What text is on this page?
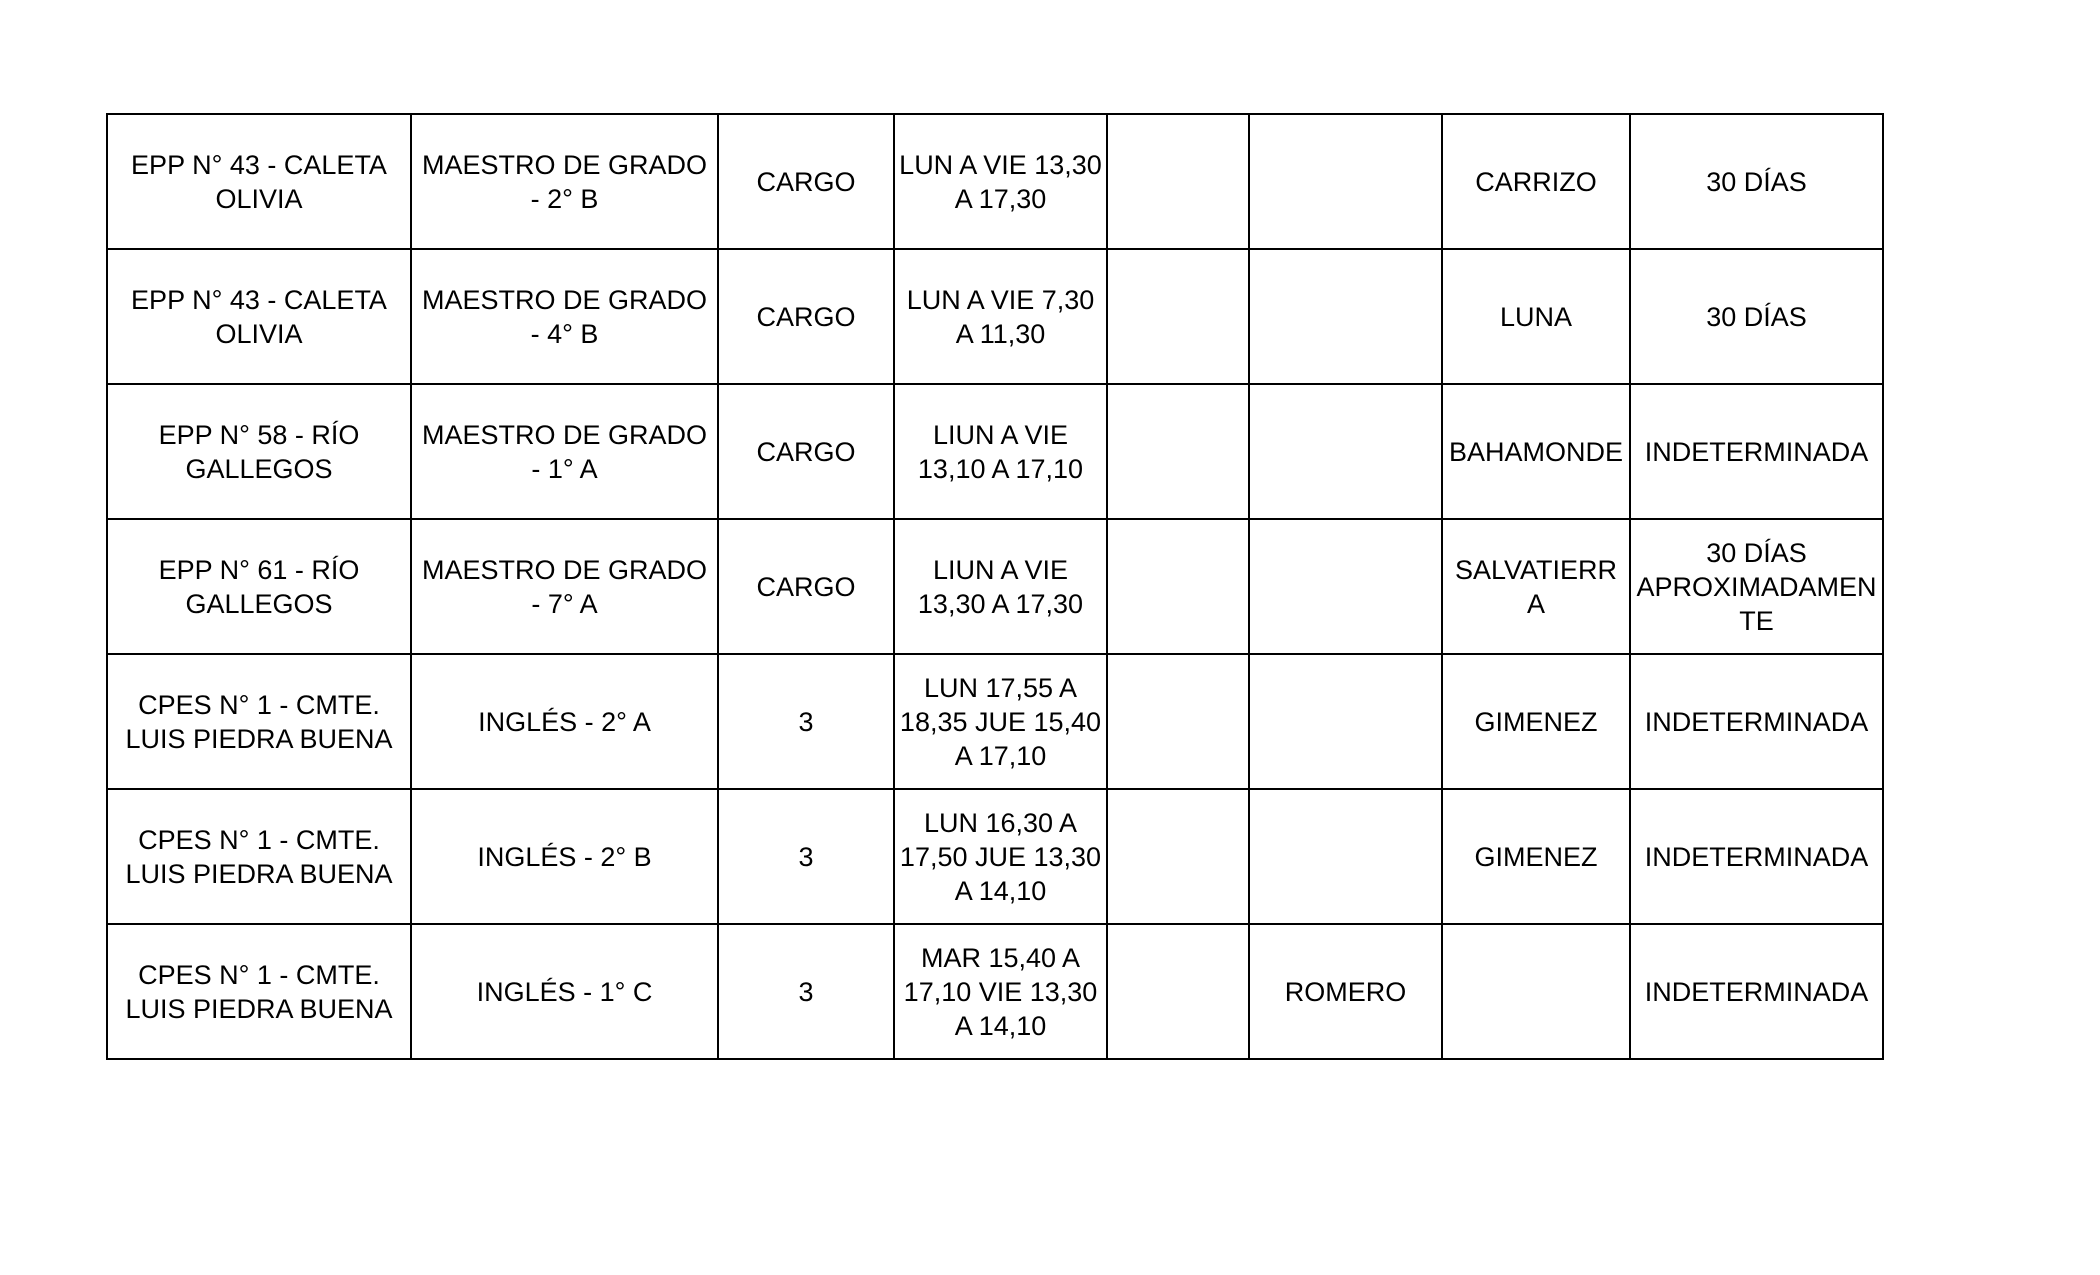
EPP N° 43 - CALETA OLIVIA	MAESTRO DE GRADO - 2° B	CARGO	LUN A VIE 13,30 A 17,30			CARRIZO	30 DÍAS
EPP N° 43 - CALETA OLIVIA	MAESTRO DE GRADO - 4° B	CARGO	LUN A VIE 7,30 A 11,30			LUNA	30 DÍAS
EPP N° 58 - RÍO GALLEGOS	MAESTRO DE GRADO - 1° A	CARGO	LIUN A VIE 13,10 A 17,10			BAHAMONDE	INDETERMINADA
EPP N° 61 - RÍO GALLEGOS	MAESTRO DE GRADO - 7° A	CARGO	LIUN A VIE 13,30 A 17,30			SALVATIERRA	30 DÍAS APROXIMADAMENTE
CPES N° 1 - CMTE. LUIS PIEDRA BUENA	INGLÉS - 2° A	3	LUN 17,55 A 18,35 JUE 15,40 A 17,10			GIMENEZ	INDETERMINADA
CPES N° 1 - CMTE. LUIS PIEDRA BUENA	INGLÉS - 2° B	3	LUN 16,30 A 17,50 JUE 13,30 A 14,10			GIMENEZ	INDETERMINADA
CPES N° 1 - CMTE. LUIS PIEDRA BUENA	INGLÉS - 1° C	3	MAR 15,40 A 17,10 VIE 13,30 A 14,10		ROMERO		INDETERMINADA
